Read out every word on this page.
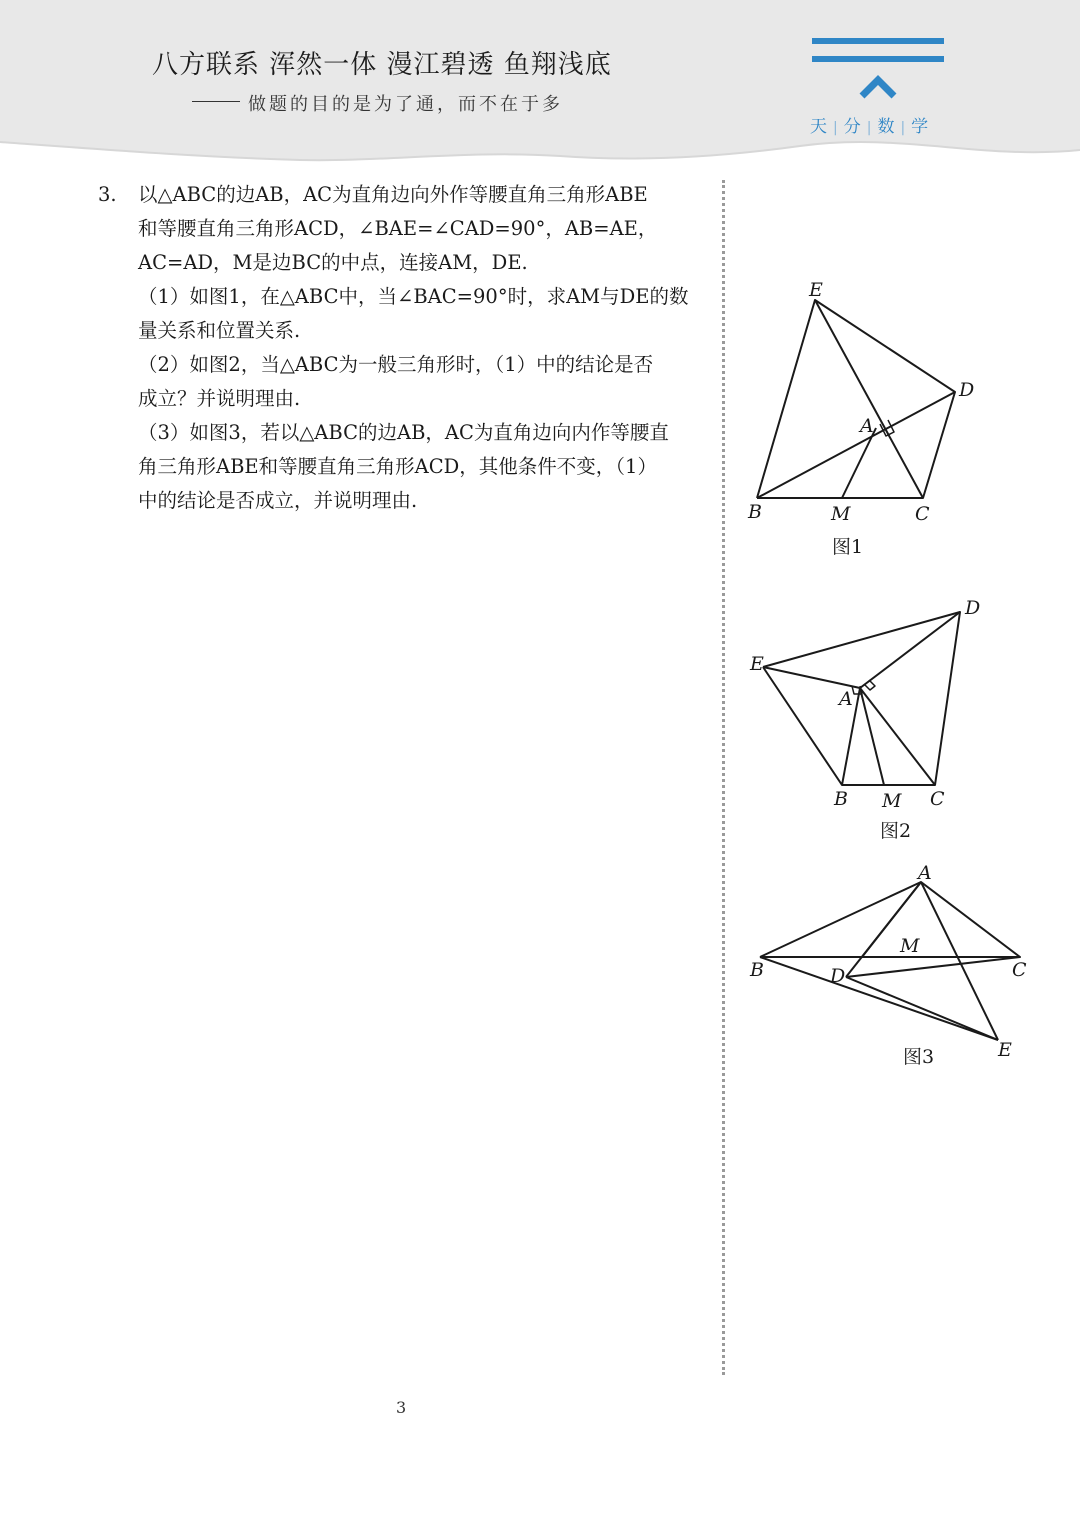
八方联系 浑然一体 漫江碧透 鱼翔浅底
做题的目的是为了通，而不在于多
天 | 分 | 数 | 学
3. 以△ABC的边AB，AC为直角边向外作等腰直角三角形ABE

和等腰直角三角形ACD，∠BAE=∠CAD=90°，AB=AE，

AC=AD，M是边BC的中点，连接AM，DE.

（1）如图1，在△ABC中，当∠BAC=90°时，求AM与DE的数

量关系和位置关系.

（2）如图2，当△ABC为一般三角形时，（1）中的结论是否

成立？并说明理由.

（3）如图3，若以△ABC的边AB，AC为直角边向内作等腰直

角三角形ABE和等腰直角三角形ACD，其他条件不变，（1）

中的结论是否成立，并说明理由.

E
D
A
B	M	C
图1
D
E
A
B M C
图2
A
M
B	D	C
E
图3
3
